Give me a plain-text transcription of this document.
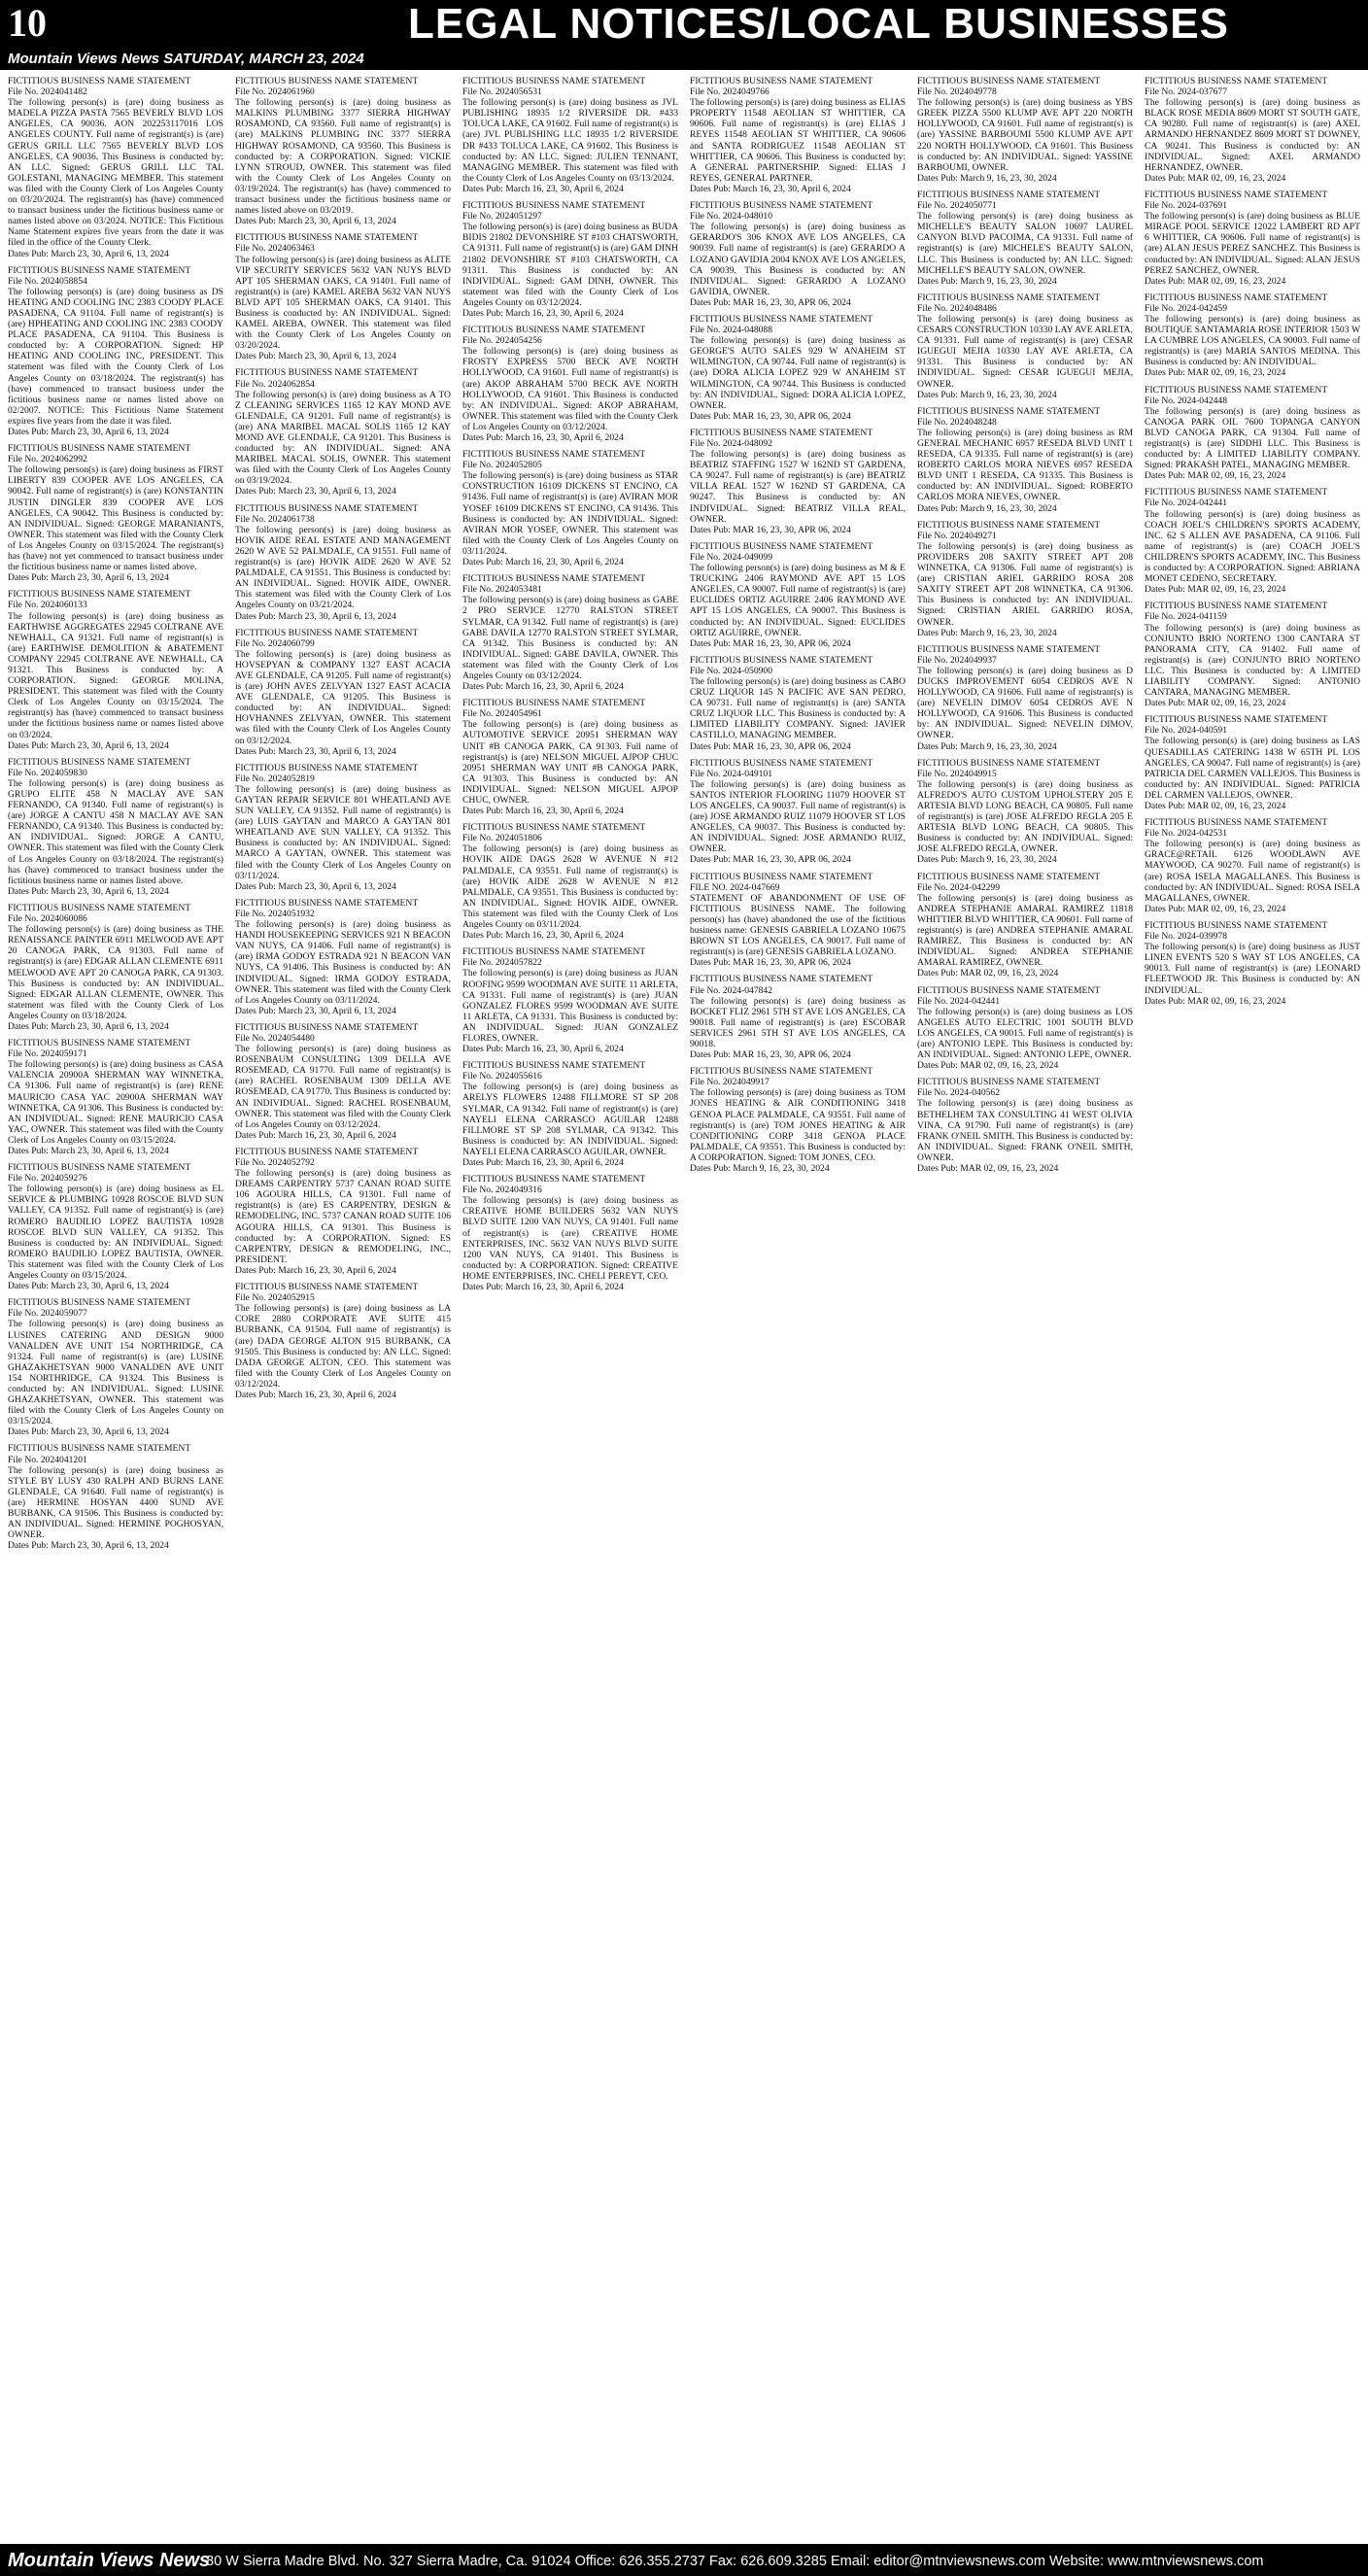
10	LEGAL NOTICES/LOCAL BUSINESSES
Mountain Views News SATURDAY, MARCH 23, 2024
FICTITIOUS BUSINESS NAME STATEMENT
File No. 2024041482
The following person(s) is (are) doing business as MADELA PIZZA PASTA 7565 BEVERLY BLVD LOS ANGELES, CA 90036. AON 202253117016 LOS ANGELES COUNTY. Full name of registrant(s) is (are) GERUS GRILL LLC 7565 BEVERLY BLVD LOS ANGELES, CA 90036. This Business is conducted by: AN LLC. Signed: GERUS GRILL LLC TAL GOLESTANI, MANAGING MEMBER. This statement was filed with the County Clerk of Los Angeles County on 03/20/2024. The registrant(s) has (have) commenced to transact business under the fictitious business name or names listed above on 03/2024. NOTICE: This Fictitious Name Statement expires five years from the date it was filed in the office of the County Clerk.
Dates Pub: March 23, 30, April 6, 13, 2024
FICTITIOUS BUSINESS NAME STATEMENT
File No. 2024058854
The following person(s) is (are) doing business as DS HEATING AND COOLING INC 2383 COODY PLACE PASADENA, CA 91104. Full name of registrant(s) is (are) HPHEATING AND COOLING INC 2383 COODY PLACE PASADENA, CA 91104. This Business is conducted by: A CORPORATION. Signed: HP HEATING AND COOLING INC, PRESIDENT. This statement was filed with the County Clerk of Los Angeles County on 03/18/2024. The registrant(s) has (have) commenced to transact business under the fictitious business name or names listed above on 02/2007. NOTICE: This Fictitious Name Statement expires five years from the date it was filed.
Dates Pub: March 23, 30, April 6, 13, 2024
FICTITIOUS BUSINESS NAME STATEMENT
File No. 2024062992
The following person(s) is (are) doing business as FIRST LIBERTY 839 COOPER AVE LOS ANGELES, CA 90042. Full name of registrant(s) is (are) KONSTANTIN JUSTIN DINGLER 839 COOPER AVE LOS ANGELES, CA 90042. This Business is conducted by: AN INDIVIDUAL. Signed: GEORGE MARANIANTS, OWNER. This statement was filed with the County Clerk of Los Angeles County on 03/15/2024. The registrant(s) has (have) not yet commenced to transact business under the fictitious business name or names listed above.
Dates Pub: March 23, 30, April 6, 13, 2024
FICTITIOUS BUSINESS NAME STATEMENT
File No. 2024060133
The following person(s) is (are) doing business as EARTHWISE AGGREGATES 22945 COLTRANE AVE NEWHALL, CA 91321. Full name of registrant(s) is (are) EARTHWISE DEMOLITION & ABATEMENT COMPANY 22945 COLTRANE AVE NEWHALL, CA 91321. This Business is conducted by: A CORPORATION. Signed: GEORGE MOLINA, PRESIDENT. This statement was filed with the County Clerk of Los Angeles County on 03/15/2024. The registrant(s) has (have) commenced to transact business under the fictitious business name or names listed above on 03/2024.
Dates Pub: March 23, 30, April 6, 13, 2024
FICTITIOUS BUSINESS NAME STATEMENT
File No. 2024059830
The following person(s) is (are) doing business as GRUPO ELITE 458 N MACLAY AVE SAN FERNANDO, CA 91340. Full name of registrant(s) is (are) JORGE A CANTU 458 N MACLAY AVE SAN FERNANDO, CA 91340. This Business is conducted by: AN INDIVIDUAL. Signed: JORGE A CANTU, OWNER. This statement was filed with the County Clerk of Los Angeles County on 03/18/2024. The registrant(s) has (have) commenced to transact business under the fictitious business name or names listed above.
Dates Pub: March 23, 30, April 6, 13, 2024
FICTITIOUS BUSINESS NAME STATEMENT
File No. 2024060086
The following person(s) is (are) doing business as THE RENAISSANCE PAINTER 6911 MELWOOD AVE APT 20 CANOGA PARK, CA 91303. Full name of registrant(s) is (are) EDGAR ALLAN CLEMENTE 6911 MELWOOD AVE APT 20 CANOGA PARK, CA 91303. This Business is conducted by: AN INDIVIDUAL. Signed: EDGAR ALLAN CLEMENTE, OWNER. This statement was filed with the County Clerk of Los Angeles County on 03/18/2024.
Dates Pub: March 23, 30, April 6, 13, 2024
FICTITIOUS BUSINESS NAME STATEMENT
File No. 2024059171
The following person(s) is (are) doing business as CASA VALENCIA 20900A SHERMAN WAY WINNETKA, CA 91306. Full name of registrant(s) is (are) RENE MAURICIO CASA YAC 20900A SHERMAN WAY WINNETKA, CA 91306. This Business is conducted by: AN INDIVIDUAL. Signed: RENE MAURICIO CASA YAC, OWNER. This statement was filed with the County Clerk of Los Angeles County on 03/15/2024.
Dates Pub: March 23, 30, April 6, 13, 2024
FICTITIOUS BUSINESS NAME STATEMENT
File No. 2024059276
The following person(s) is (are) doing business as EL SERVICE & PLUMBING 10928 ROSCOE BLVD SUN VALLEY, CA 91352. Full name of registrant(s) is (are) ROMERO BAUDILIO LOPEZ BAUTISTA 10928 ROSCOE BLVD SUN VALLEY, CA 91352. This Business is conducted by: AN INDIVIDUAL. Signed: ROMERO BAUDILIO LOPEZ BAUTISTA, OWNER. This statement was filed with the County Clerk of Los Angeles County on 03/15/2024.
Dates Pub: March 23, 30, April 6, 13, 2024
FICTITIOUS BUSINESS NAME STATEMENT
File No. 2024059077
The following person(s) is (are) doing business as LUSINES CATERING AND DESIGN 9000 VANALDEN AVE UNIT 154 NORTHRIDGE, CA 91324. Full name of registrant(s) is (are) LUSINE GHAZAKHETSYAN 9000 VANALDEN AVE UNIT 154 NORTHRIDGE, CA 91324. This Business is conducted by: AN INDIVIDUAL. Signed: LUSINE GHAZAKHETSYAN, OWNER. This statement was filed with the County Clerk of Los Angeles County on 03/15/2024.
Dates Pub: March 23, 30, April 6, 13, 2024
FICTITIOUS BUSINESS NAME STATEMENT
File No. 2024041201
The following person(s) is (are) doing business as STYLE BY LUSY 430 RALPH AND BURNS LANE GLENDALE, CA 91640. Full name of registrant(s) is (are) HERMINE HOSYAN 4400 SUND AVE BURBANK, CA 91506. This Business is conducted by: AN INDIVIDUAL. Signed: HERMINE POGHOSYAN, OWNER.
Dates Pub: March 23, 30, April 6, 13, 2024
FICTITIOUS BUSINESS NAME STATEMENT
File No. 2024061960
The following person(s) is (are) doing business as MALKINS PLUMBING 3377 SIERRA HIGHWAY ROSAMOND, CA 93560. Full name of registrant(s) is (are) MALKINS PLUMBING INC 3377 SIERRA HIGHWAY ROSAMOND, CA 93560. This Business is conducted by: A CORPORATION. Signed: VICKIE LYNN STROUD, OWNER. This statement was filed with the County Clerk of Los Angeles County on 03/19/2024. The registrant(s) has (have) commenced to transact business under the fictitious business name or names listed above on 03/2019.
Dates Pub: March 23, 30, April 6, 13, 2024
FICTITIOUS BUSINESS NAME STATEMENT
File No. 2024063463
The following person(s) is (are) doing business as ALITE VIP SECURITY SERVICES 5632 VAN NUYS BLVD APT 105 SHERMAN OAKS, CA 91401. Full name of registrant(s) is (are) KAMEL AREBA 5632 VAN NUYS BLVD APT 105 SHERMAN OAKS, CA 91401. This Business is conducted by: AN INDIVIDUAL. Signed: KAMEL AREBA, OWNER. This statement was filed with the County Clerk of Los Angeles County on 03/20/2024.
Dates Pub: March 23, 30, April 6, 13, 2024
FICTITIOUS BUSINESS NAME STATEMENT
File No. 2024062854
The following person(s) is (are) doing business as A TO Z CLEANING SERVICES 1165 12 KAY MOND AVE GLENDALE, CA 91201. Full name of registrant(s) is (are) ANA MARIBEL MACAL SOLIS 1165 12 KAY MOND AVE GLENDALE, CA 91201. This Business is conducted by: AN INDIVIDUAL. Signed: ANA MARIBEL MACAL SOLIS, OWNER. This statement was filed with the County Clerk of Los Angeles County on 03/19/2024.
Dates Pub: March 23, 30, April 6, 13, 2024
FICTITIOUS BUSINESS NAME STATEMENT
File No. 2024061738
The following person(s) is (are) doing business as HOVIK AIDE REAL ESTATE AND MANAGEMENT 2620 W AVE 52 PALMDALE, CA 91551. Full name of registrant(s) is (are) HOVIK AIDE 2620 W AVE 52 PALMDALE, CA 91551. This Business is conducted by: AN INDIVIDUAL. Signed: HOVIK AIDE, OWNER. This statement was filed with the County Clerk of Los Angeles County on 03/21/2024.
Dates Pub: March 23, 30, April 6, 13, 2024
FICTITIOUS BUSINESS NAME STATEMENT
File No. 2024060799
The following person(s) is (are) doing business as HOVSEPYAN & COMPANY 1327 EAST ACACIA AVE GLENDALE, CA 91205. Full name of registrant(s) is (are) JOHN AVES ZELVYAN 1327 EAST ACACIA AVE GLENDALE, CA 91205. This Business is conducted by: AN INDIVIDUAL. Signed: HOVHANNES ZELVYAN, OWNER. This statement was filed with the County Clerk of Los Angeles County on 03/12/2024.
Dates Pub: March 23, 30, April 6, 13, 2024
FICTITIOUS BUSINESS NAME STATEMENT
File No. 2024052819
The following person(s) is (are) doing business as GAYTAN REPAIR SERVICE 801 WHEATLAND AVE SUN VALLEY, CA 91352. Full name of registrant(s) is (are) LUIS GAYTAN and MARCO A GAYTAN 801 WHEATLAND AVE SUN VALLEY, CA 91352. This Business is conducted by: AN INDIVIDUAL. Signed: MARCO A GAYTAN, OWNER. This statement was filed with the County Clerk of Los Angeles County on 03/11/2024.
Dates Pub: March 23, 30, April 6, 13, 2024
FICTITIOUS BUSINESS NAME STATEMENT
File No. 2024051932
The following person(s) is (are) doing business as HANDI HOUSEKEEPING SERVICES 921 N BEACON VAN NUYS, CA 91406. Full name of registrant(s) is (are) IRMA GODOY ESTRADA 921 N BEACON VAN NUYS, CA 91406. This Business is conducted by: AN INDIVIDUAL. Signed: IRMA GODOY ESTRADA, OWNER. This statement was filed with the County Clerk of Los Angeles County on 03/11/2024.
Dates Pub: March 23, 30, April 6, 13, 2024
FICTITIOUS BUSINESS NAME STATEMENT
File No. 2024054480
The following person(s) is (are) doing business as ROSENBAUM CONSULTING 1309 DELLA AVE ROSEMEAD, CA 91770. Full name of registrant(s) is (are) RACHEL ROSENBAUM 1309 DELLA AVE ROSEMEAD, CA 91770. This Business is conducted by: AN INDIVIDUAL. Signed: RACHEL ROSENBAUM, OWNER. This statement was filed with the County Clerk of Los Angeles County on 03/12/2024.
Dates Pub: March 16, 23, 30, April 6, 2024
FICTITIOUS BUSINESS NAME STATEMENT
File No. 2024052792
The following person(s) is (are) doing business as DREAMS CARPENTRY 5737 CANAN ROAD SUITE 106 AGOURA HILLS, CA 91301. Full name of registrant(s) is (are) ES CARPENTRY, DESIGN & REMODELING, INC. 5737 CANAN ROAD SUITE 106 AGOURA HILLS, CA 91301. This Business is conducted by: A CORPORATION. Signed: ES CARPENTRY, DESIGN & REMODELING, INC., PRESIDENT.
Dates Pub: March 16, 23, 30, April 6, 2024
FICTITIOUS BUSINESS NAME STATEMENT
File No. 2024052915
The following person(s) is (are) doing business as LA CORE 2880 CORPORATE AVE SUITE 415 BURBANK, CA 91504. Full name of registrant(s) is (are) DADA GEORGE ALTON 915 BURBANK, CA 91505. This Business is conducted by: AN LLC. Signed: DADA GEORGE ALTON, CEO. This statement was filed with the County Clerk of Los Angeles County on 03/12/2024.
Dates Pub: March 16, 23, 30, April 6, 2024
FICTITIOUS BUSINESS NAME STATEMENT
File No. 2024056531
The following person(s) is (are) doing business as JVL PUBLISHING 18935 1/2 RIVERSIDE DR. #433 TOLUCA LAKE, CA 91602. Full name of registrant(s) is (are) JVL PUBLISHING LLC 18935 1/2 RIVERSIDE DR #433 TOLUCA LAKE, CA 91602. This Business is conducted by: AN LLC. Signed: JULIEN TENNANT, MANAGING MEMBER. This statement was filed with the County Clerk of Los Angeles County on 03/13/2024.
Dates Pub: March 16, 23, 30, April 6, 2024
FICTITIOUS BUSINESS NAME STATEMENT
File No. 2024051297
The following person(s) is (are) doing business as BUDA BIDIS 21802 DEVONSHIRE ST #103 CHATSWORTH, CA 91311. Full name of registrant(s) is (are) GAM DINH 21802 DEVONSHIRE ST #103 CHATSWORTH, CA 91311. This Business is conducted by: AN INDIVIDUAL. Signed: GAM DINH, OWNER. This statement was filed with the County Clerk of Los Angeles County on 03/12/2024.
Dates Pub: March 16, 23, 30, April 6, 2024
FICTITIOUS BUSINESS NAME STATEMENT
File No. 2024054256
The following person(s) is (are) doing business as FROSTY EXPRESS 5700 BECK AVE NORTH HOLLYWOOD, CA 91601. Full name of registrant(s) is (are) AKOP ABRAHAM 5700 BECK AVE NORTH HOLLYWOOD, CA 91601. This Business is conducted by: AN INDIVIDUAL. Signed: AKOP ABRAHAM, OWNER. This statement was filed with the County Clerk of Los Angeles County on 03/12/2024.
Dates Pub: March 16, 23, 30, April 6, 2024
FICTITIOUS BUSINESS NAME STATEMENT
File No. 2024052805
The following person(s) is (are) doing business as STAR CONSTRUCTION 16109 DICKENS ST ENCINO, CA 91436. Full name of registrant(s) is (are) AVIRAN MOR YOSEF 16109 DICKENS ST ENCINO, CA 91436. This Business is conducted by: AN INDIVIDUAL. Signed: AVIRAN MOR YOSEF, OWNER. This statement was filed with the County Clerk of Los Angeles County on 03/11/2024.
Dates Pub: March 16, 23, 30, April 6, 2024
FICTITIOUS BUSINESS NAME STATEMENT
File No. 2024053481
The following person(s) is (are) doing business as GABE 2 PRO SERVICE 12770 RALSTON STREET SYLMAR, CA 91342. Full name of registrant(s) is (are) GABE DAVILA 12770 RALSTON STREET SYLMAR, CA 91342. This Business is conducted by: AN INDIVIDUAL. Signed: GABE DAVILA, OWNER. This statement was filed with the County Clerk of Los Angeles County on 03/12/2024.
Dates Pub: March 16, 23, 30, April 6, 2024
FICTITIOUS BUSINESS NAME STATEMENT
File No. 2024054961
The following person(s) is (are) doing business as AUTOMOTIVE SERVICE 20951 SHERMAN WAY UNIT #B CANOGA PARK, CA 91303. Full name of registrant(s) is (are) NELSON MIGUEL AJPOP CHUC 20951 SHERMAN WAY UNIT #B CANOGA PARK, CA 91303. This Business is conducted by: AN INDIVIDUAL. Signed: NELSON MIGUEL AJPOP CHUC, OWNER.
Dates Pub: March 16, 23, 30, April 6, 2024
FICTITIOUS BUSINESS NAME STATEMENT
File No. 2024051806
The following person(s) is (are) doing business as HOVIK AIDE DAGS 2628 W AVENUE N #12 PALMDALE, CA 93551. Full name of registrant(s) is (are) HOVIK AIDE 2628 W AVENUE N #12 PALMDALE, CA 93551. This Business is conducted by: AN INDIVIDUAL. Signed: HOVIK AIDE, OWNER. This statement was filed with the County Clerk of Los Angeles County on 03/11/2024.
Dates Pub: March 16, 23, 30, April 6, 2024
FICTITIOUS BUSINESS NAME STATEMENT
File No. 2024057822
The following person(s) is (are) doing business as JUAN ROOFING 9599 WOODMAN AVE SUITE 11 ARLETA, CA 91331. Full name of registrant(s) is (are) JUAN GONZALEZ FLORES 9599 WOODMAN AVE SUITE 11 ARLETA, CA 91331. This Business is conducted by: AN INDIVIDUAL. Signed: JUAN GONZALEZ FLORES, OWNER.
Dates Pub: March 16, 23, 30, April 6, 2024
FICTITIOUS BUSINESS NAME STATEMENT
File No. 2024055616
The following person(s) is (are) doing business as ARELYS FLOWERS 12488 FILLMORE ST SP 208 SYLMAR, CA 91342. Full name of registrant(s) is (are) NAYELI ELENA CARRASCO AGUILAR 12488 FILLMORE ST SP 208 SYLMAR, CA 91342. This Business is conducted by: AN INDIVIDUAL. Signed: NAYELI ELENA CARRASCO AGUILAR, OWNER.
Dates Pub: March 16, 23, 30, April 6, 2024
FICTITIOUS BUSINESS NAME STATEMENT
File No. 2024049316
The following person(s) is (are) doing business as CREATIVE HOME BUILDERS 5632 VAN NUYS BLVD SUITE 1200 VAN NUYS, CA 91401. Full name of registrant(s) is (are) CREATIVE HOME ENTERPRISES, INC. 5632 VAN NUYS BLVD SUITE 1200 VAN NUYS, CA 91401. This Business is conducted by: A CORPORATION. Signed: CREATIVE HOME ENTERPRISES, INC. CHELI PEREYT, CEO.
Dates Pub: March 16, 23, 30, April 6, 2024
FICTITIOUS BUSINESS NAME STATEMENT
File No. 2024049766
The following person(s) is (are) doing business as ELIAS PROPERTY 11548 AEOLIAN ST WHITTIER, CA 90606. Full name of registrant(s) is (are) ELIAS J REYES 11548 AEOLIAN ST WHITTIER, CA 90606 and SANTA RODRIGUEZ 11548 AEOLIAN ST WHITTIER, CA 90606. This Business is conducted by: A GENERAL PARTNERSHIP. Signed: ELIAS J REYES, GENERAL PARTNER.
Dates Pub: March 16, 23, 30, April 6, 2024
FICTITIOUS BUSINESS NAME STATEMENT
File No. 2024-048010
The following person(s) is (are) doing business as GERARDO'S 306 KNOX AVE LOS ANGELES, CA 90039. Full name of registrant(s) is (are) GERARDO A LOZANO GAVIDIA 2004 KNOX AVE LOS ANGELES, CA 90039. This Business is conducted by: AN INDIVIDUAL. Signed: GERARDO A LOZANO GAVIDIA, OWNER.
Dates Pub: MAR 16, 23, 30, APR 06, 2024
FICTITIOUS BUSINESS NAME STATEMENT
File No. 2024-048088
The following person(s) is (are) doing business as GEORGE'S AUTO SALES 929 W ANAHEIM ST WILMINGTON, CA 90744. Full name of registrant(s) is (are) DORA ALICIA LOPEZ 929 W ANAHEIM ST WILMINGTON, CA 90744. This Business is conducted by: AN INDIVIDUAL. Signed: DORA ALICIA LOPEZ, OWNER.
Dates Pub: MAR 16, 23, 30, APR 06, 2024
FICTITIOUS BUSINESS NAME STATEMENT
File No. 2024-048092
The following person(s) is (are) doing business as BEATRIZ STAFFING 1527 W 162ND ST GARDENA, CA 90247. Full name of registrant(s) is (are) BEATRIZ VILLA REAL 1527 W 162ND ST GARDENA, CA 90247. This Business is conducted by: AN INDIVIDUAL. Signed: BEATRIZ VILLA REAL, OWNER.
Dates Pub: MAR 16, 23, 30, APR 06, 2024
FICTITIOUS BUSINESS NAME STATEMENT
File No. 2024-049099
The following person(s) is (are) doing business as M & E TRUCKING 2406 RAYMOND AVE APT 15 LOS ANGELES, CA 90007. Full name of registrant(s) is (are) EUCLIDES ORTIZ AGUIRRE 2406 RAYMOND AVE APT 15 LOS ANGELES, CA 90007. This Business is conducted by: AN INDIVIDUAL. Signed: EUCLIDES ORTIZ AGUIRRE, OWNER.
Dates Pub: MAR 16, 23, 30, APR 06, 2024
FICTITIOUS BUSINESS NAME STATEMENT
File No. 2024-050900
The following person(s) is (are) doing business as CABO CRUZ LIQUOR 145 N PACIFIC AVE SAN PEDRO, CA 90731. Full name of registrant(s) is (are) SANTA CRUZ LIQUOR LLC. This Business is conducted by: A LIMITED LIABILITY COMPANY. Signed: JAVIER CASTILLO, MANAGING MEMBER.
Dates Pub: MAR 16, 23, 30, APR 06, 2024
FICTITIOUS BUSINESS NAME STATEMENT
File No. 2024-049101
The following person(s) is (are) doing business as SANTOS INTERIOR FLOORING 11079 HOOVER ST LOS ANGELES, CA 90037. Full name of registrant(s) is (are) JOSE ARMANDO RUIZ 11079 HOOVER ST LOS ANGELES, CA 90037. This Business is conducted by: AN INDIVIDUAL. Signed: JOSE ARMANDO RUIZ, OWNER.
Dates Pub: MAR 16, 23, 30, APR 06, 2024
FICTITIOUS BUSINESS NAME STATEMENT
FILE NO. 2024-047669
STATEMENT OF ABANDONMENT OF USE OF FICTITIOUS BUSINESS NAME. The following person(s) has (have) abandoned the use of the fictitious business name: GENESIS GABRIELA LOZANO 10675 BROWN ST LOS ANGELES, CA 90017. Full name of registrant(s) is (are) GENESIS GABRIELA LOZANO.
Dates Pub: MAR 16, 23, 30, APR 06, 2024
FICTITIOUS BUSINESS NAME STATEMENT
File No. 2024-047842
The following person(s) is (are) doing business as BOCKET FLIZ 2961 5TH ST AVE LOS ANGELES, CA 90018. Full name of registrant(s) is (are) ESCOBAR SERVICES 2961 5TH ST AVE LOS ANGELES, CA 90018.
Dates Pub: MAR 16, 23, 30, APR 06, 2024
FICTITIOUS BUSINESS NAME STATEMENT
File No. 2024049917
The following person(s) is (are) doing business as TOM JONES HEATING & AIR CONDITIONING 3418 GENOA PLACE PALMDALE, CA 93551. Full name of registrant(s) is (are) TOM JONES HEATING & AIR CONDITIONING CORP 3418 GENOA PLACE PALMDALE, CA 93551. This Business is conducted by: A CORPORATION. Signed: TOM JONES, CEO.
Dates Pub: March 9, 16, 23, 30, 2024
FICTITIOUS BUSINESS NAME STATEMENT
File No. 2024049778
The following person(s) is (are) doing business as YBS GREEK PIZZA 5500 KLUMP AVE APT 220 NORTH HOLLYWOOD, CA 91601. Full name of registrant(s) is (are) YASSINE BARBOUMI 5500 KLUMP AVE APT 220 NORTH HOLLYWOOD, CA 91601. This Business is conducted by: AN INDIVIDUAL. Signed: YASSINE BARBOUMI, OWNER.
Dates Pub: March 9, 16, 23, 30, 2024
FICTITIOUS BUSINESS NAME STATEMENT
File No. 2024050771
The following person(s) is (are) doing business as MICHELLE'S BEAUTY SALON 10697 LAUREL CANYON BLVD PACOIMA, CA 91331. Full name of registrant(s) is (are) MICHELE'S BEAUTY SALON, LLC. This Business is conducted by: AN LLC. Signed: MICHELLE'S BEAUTY SALON, OWNER.
Dates Pub: March 9, 16, 23, 30, 2024
FICTITIOUS BUSINESS NAME STATEMENT
File No. 2024048486
The following person(s) is (are) doing business as CESARS CONSTRUCTION 10330 LAY AVE ARLETA, CA 91331. Full name of registrant(s) is (are) CESAR IGUEGUI MEJIA 10330 LAY AVE ARLETA, CA 91331. This Business is conducted by: AN INDIVIDUAL. Signed: CESAR IGUEGUI MEJIA, OWNER.
Dates Pub: March 9, 16, 23, 30, 2024
FICTITIOUS BUSINESS NAME STATEMENT
File No. 2024048248
The following person(s) is (are) doing business as RM GENERAL MECHANIC 6957 RESEDA BLVD UNIT 1 RESEDA, CA 91335. Full name of registrant(s) is (are) ROBERTO CARLOS MORA NIEVES 6957 RESEDA BLVD UNIT 1 RESEDA, CA 91335. This Business is conducted by: AN INDIVIDUAL. Signed: ROBERTO CARLOS MORA NIEVES, OWNER.
Dates Pub: March 9, 16, 23, 30, 2024
FICTITIOUS BUSINESS NAME STATEMENT
File No. 2024049271
The following person(s) is (are) doing business as PROVIDERS 208 SAXITY STREET APT 208 WINNETKA, CA 91306. Full name of registrant(s) is (are) CRISTIAN ARIEL GARRIDO ROSA 208 SAXITY STREET APT 208 WINNETKA, CA 91306. This Business is conducted by: AN INDIVIDUAL. Signed: CRISTIAN ARIEL GARRIDO ROSA, OWNER.
Dates Pub: March 9, 16, 23, 30, 2024
FICTITIOUS BUSINESS NAME STATEMENT
File No. 2024049937
The following person(s) is (are) doing business as D DUCKS IMPROVEMENT 6054 CEDROS AVE N HOLLYWOOD, CA 91606. Full name of registrant(s) is (are) NEVELIN DIMOV 6054 CEDROS AVE N HOLLYWOOD, CA 91606. This Business is conducted by: AN INDIVIDUAL. Signed: NEVELIN DIMOV, OWNER.
Dates Pub: March 9, 16, 23, 30, 2024
FICTITIOUS BUSINESS NAME STATEMENT
File No. 2024049915
The following person(s) is (are) doing business as ALFREDO'S AUTO CUSTOM UPHOLSTERY 205 E ARTESIA BLVD LONG BEACH, CA 90805. Full name of registrant(s) is (are) JOSE ALFREDO REGLA 205 E ARTESIA BLVD LONG BEACH, CA 90805. This Business is conducted by: AN INDIVIDUAL. Signed: JOSE ALFREDO REGLA, OWNER.
Dates Pub: March 9, 16, 23, 30, 2024
FICTITIOUS BUSINESS NAME STATEMENT
File No. 2024-042299
The following person(s) is (are) doing business as ANDREA STEPHANIE AMARAL RAMIREZ 11818 WHITTIER BLVD WHITTIER, CA 90601. Full name of registrant(s) is (are) ANDREA STEPHANIE AMARAL RAMIREZ. This Business is conducted by: AN INDIVIDUAL. Signed: ANDREA STEPHANIE AMARAL RAMIREZ, OWNER.
Dates Pub: MAR 02, 09, 16, 23, 2024
FICTITIOUS BUSINESS NAME STATEMENT
File No. 2024-042441
The following person(s) is (are) doing business as LOS ANGELES AUTO ELECTRIC 1001 SOUTH BLVD LOS ANGELES, CA 90015. Full name of registrant(s) is (are) ANTONIO LEPE. This Business is conducted by: AN INDIVIDUAL. Signed: ANTONIO LEPE, OWNER.
Dates Pub: MAR 02, 09, 16, 23, 2024
FICTITIOUS BUSINESS NAME STATEMENT
File No. 2024-040562
The following person(s) is (are) doing business as BETHELHEM TAX CONSULTING 41 WEST OLIVIA VINA, CA 91790. Full name of registrant(s) is (are) FRANK O'NEIL SMITH. This Business is conducted by: AN INDIVIDUAL. Signed: FRANK O'NEIL SMITH, OWNER.
Dates Pub: MAR 02, 09, 16, 23, 2024
FICTITIOUS BUSINESS NAME STATEMENT
File No. 2024-037677
The following person(s) is (are) doing business as BLACK ROSE MEDIA 8609 MORT ST SOUTH GATE, CA 90280. Full name of registrant(s) is (are) AXEL ARMANDO HERNANDEZ 8609 MORT ST DOWNEY, CA 90241. This Business is conducted by: AN INDIVIDUAL. Signed: AXEL ARMANDO HERNANDEZ, OWNER.
Dates Pub: MAR 02, 09, 16, 23, 2024
FICTITIOUS BUSINESS NAME STATEMENT
File No. 2024-037691
The following person(s) is (are) doing business as BLUE MIRAGE POOL SERVICE 12022 LAMBERT RD APT 6 WHITTIER, CA 90606. Full name of registrant(s) is (are) ALAN JESUS PEREZ SANCHEZ. This Business is conducted by: AN INDIVIDUAL. Signed: ALAN JESUS PEREZ SANCHEZ, OWNER.
Dates Pub: MAR 02, 09, 16, 23, 2024
FICTITIOUS BUSINESS NAME STATEMENT
File No. 2024-042459
The following person(s) is (are) doing business as BOUTIQUE SANTAMARIA ROSE INTERIOR 1503 W LA CUMBRE LOS ANGELES, CA 90003. Full name of registrant(s) is (are) MARIA SANTOS MEDINA. This Business is conducted by: AN INDIVIDUAL.
Dates Pub: MAR 02, 09, 16, 23, 2024
FICTITIOUS BUSINESS NAME STATEMENT
File No. 2024-042448
The following person(s) is (are) doing business as CANOGA PARK OIL 7600 TOPANGA CANYON BLVD CANOGA PARK, CA 91304. Full name of registrant(s) is (are) SIDDHI LLC. This Business is conducted by: A LIMITED LIABILITY COMPANY. Signed: PRAKASH PATEL, MANAGING MEMBER.
Dates Pub: MAR 02, 09, 16, 23, 2024
FICTITIOUS BUSINESS NAME STATEMENT
File No. 2024-042441
The following person(s) is (are) doing business as COACH JOEL'S CHILDREN'S SPORTS ACADEMY, INC. 62 S ALLEN AVE PASADENA, CA 91106. Full name of registrant(s) is (are) COACH JOEL'S CHILDREN'S SPORTS ACADEMY, INC. This Business is conducted by: A CORPORATION. Signed: ABRIANA MONET CEDENO, SECRETARY.
Dates Pub: MAR 02, 09, 16, 23, 2024
FICTITIOUS BUSINESS NAME STATEMENT
File No. 2024-041159
The following person(s) is (are) doing business as CONJUNTO BRIO NORTENO 1300 CANTARA ST PANORAMA CITY, CA 91402. Full name of registrant(s) is (are) CONJUNTO BRIO NORTENO LLC. This Business is conducted by: A LIMITED LIABILITY COMPANY. Signed: ANTONIO CANTARA, MANAGING MEMBER.
Dates Pub: MAR 02, 09, 16, 23, 2024
FICTITIOUS BUSINESS NAME STATEMENT
File No. 2024-040591
The following person(s) is (are) doing business as LAS QUESADILLAS CATERING 1438 W 65TH PL LOS ANGELES, CA 90047. Full name of registrant(s) is (are) PATRICIA DEL CARMEN VALLEJOS. This Business is conducted by: AN INDIVIDUAL. Signed: PATRICIA DEL CARMEN VALLEJOS, OWNER.
Dates Pub: MAR 02, 09, 16, 23, 2024
FICTITIOUS BUSINESS NAME STATEMENT
File No. 2024-042531
The following person(s) is (are) doing business as GRACE@RETAIL 6126 WOODLAWN AVE MAYWOOD, CA 90270. Full name of registrant(s) is (are) ROSA ISELA MAGALLANES. This Business is conducted by: AN INDIVIDUAL. Signed: ROSA ISELA MAGALLANES, OWNER.
Dates Pub: MAR 02, 09, 16, 23, 2024
FICTITIOUS BUSINESS NAME STATEMENT
File No. 2024-039978
The following person(s) is (are) doing business as JUST LINEN EVENTS 520 S WAY ST LOS ANGELES, CA 90013. Full name of registrant(s) is (are) LEONARD FLEETWOOD JR. This Business is conducted by: AN INDIVIDUAL.
Dates Pub: MAR 02, 09, 16, 23, 2024
Mountain Views News
80 W Sierra Madre Blvd. No. 327 Sierra Madre, Ca. 91024 Office: 626.355.2737 Fax: 626.609.3285 Email: editor@mtnviewsnews.com Website: www.mtnviewsnews.com
